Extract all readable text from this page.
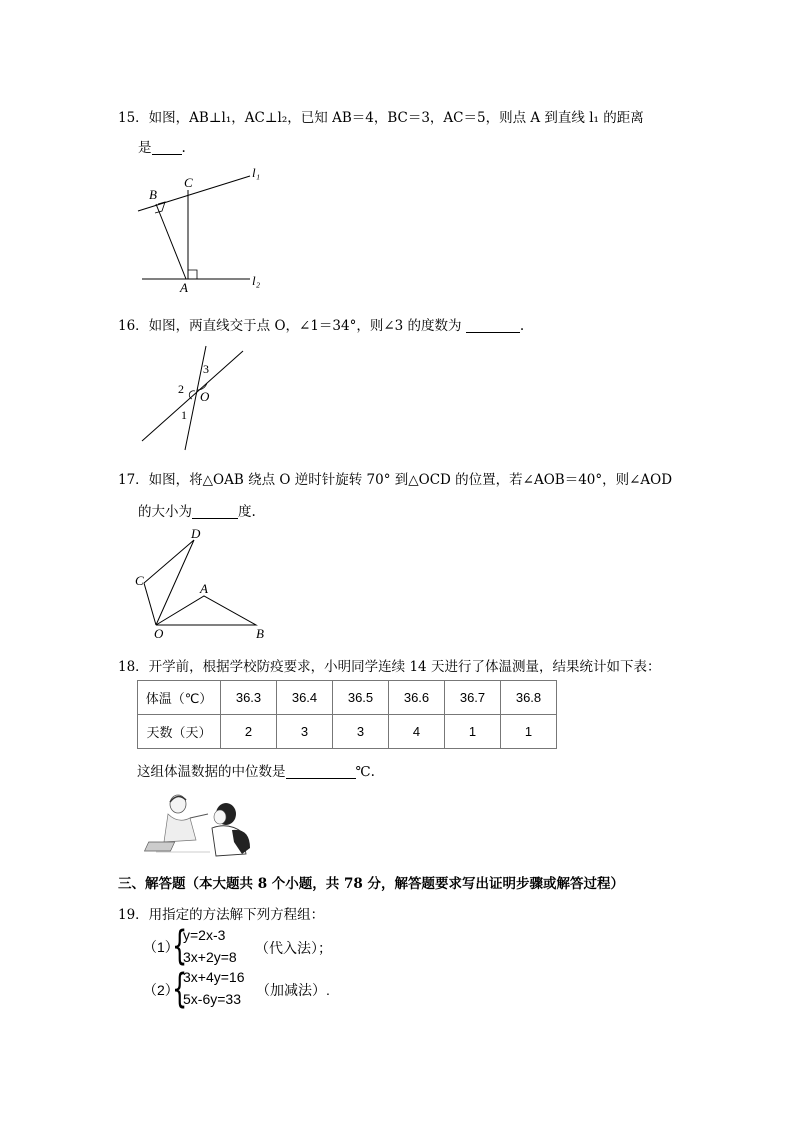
15．如图，AB⊥l₁，AC⊥l₂，已知 AB＝4，BC＝3，AC＝5，则点 A 到直线 l₁ 的距离
是 .
B
C
A
l₁
l₂
16．如图，两直线交于点 O，∠1＝34°，则∠3 的度数为	.
3
2
1
O
17．如图，将△OAB 绕点 O 逆时针旋转 70° 到△OCD 的位置，若∠AOB＝40°，则∠AOD
的大小为	度.
D
C
A
O	B
18．开学前，根据学校防疫要求，小明同学连续 14 天进行了体温测量，结果统计如下表：
体温（℃）	36.3	36.4	36.5	36.6	36.7	36.8
天数（天）	2	3	3	4	1	1
这组体温数据的中位数是	℃.
三、解答题（本大题共 8 个小题，共 78 分，解答题要求写出证明步骤或解答过程）
19．用指定的方法解下列方程组：
（1）
{
y=2x-3
3x+2y=8
（代入法）；
（2）
{
3x+4y=16
5x-6y=33
（加减法）.
